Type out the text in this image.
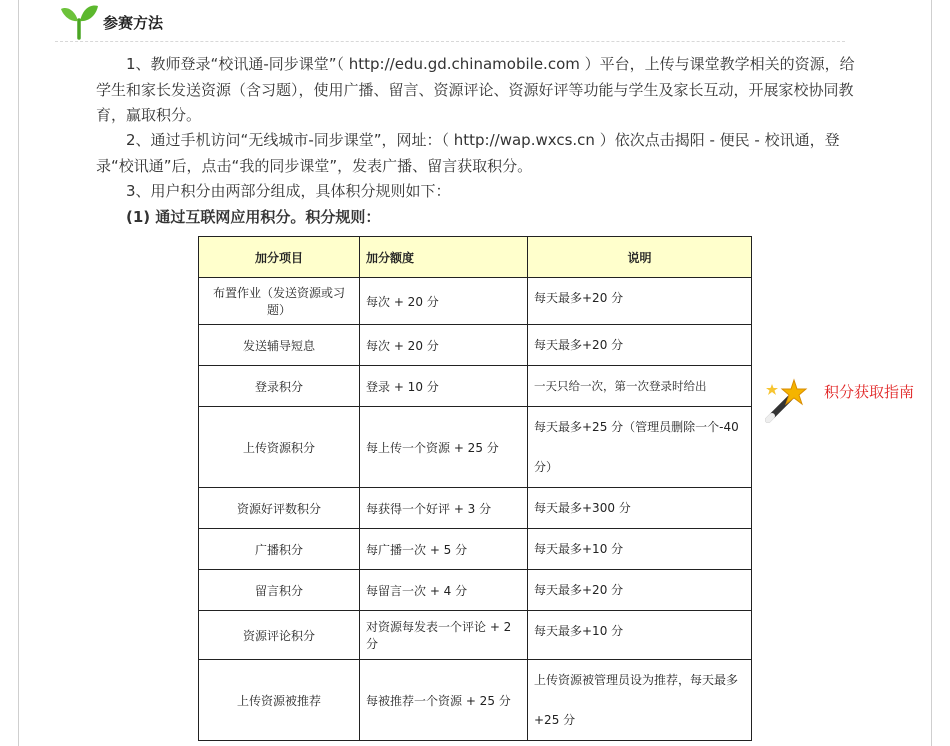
参赛方法

1、教师登录“校讯通-同步课堂”（ http://edu.gd.chinamobile.com ）平台，上传与课堂教学相关的资源，给学生和家长发送资源（含习题），使用广播、留言、资源评论、资源好评等功能与学生及家长互动，开展家校协同教育，赢取积分。

2、通过手机访问“无线城市-同步课堂”，网址：（ http://wap.wxcs.cn ）依次点击揭阳 - 便民 - 校讯通，登录“校讯通”后，点击“我的同步课堂”，发表广播、留言获取积分。

3、用户积分由两部分组成，具体积分规则如下：

(1) 通过互联网应用积分。积分规则：
加分项目	加分额度	说明
布置作业（发送资源或习题）	每次 + 20 分	每天最多+20 分
发送辅导短息	每次 + 20 分	每天最多+20 分
登录积分	登录 + 10 分	一天只给一次，第一次登录时给出
上传资源积分	每上传一个资源 + 25 分	每天最多+25 分（管理员删除一个-40 分）
资源好评数积分	每获得一个好评 + 3 分	每天最多+300 分
广播积分	每广播一次 + 5 分	每天最多+10 分
留言积分	每留言一次 + 4 分	每天最多+20 分
资源评论积分	对资源每发表一个评论 + 2 分	每天最多+10 分
上传资源被推荐	每被推荐一个资源 + 25 分	上传资源被管理员设为推荐，每天最多+25 分
积分获取指南
